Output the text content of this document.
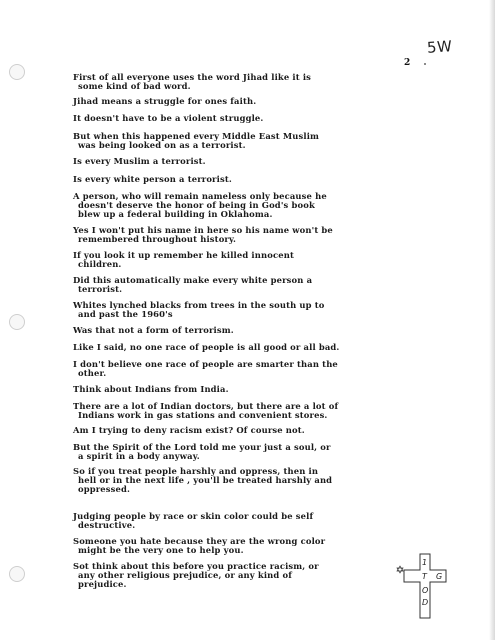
5W
2

First of all everyone uses the word Jihad like it is
some kind of bad word.

Jihad means a struggle for ones faith.

It doesn't have to be a violent struggle.

But when this happened every Middle East Muslim
was being looked on as a terrorist.

Is every Muslim a terrorist.

Is every white person a terrorist.

A person, who will remain nameless only because he
doesn't deserve the honor of being in God's book
blew up a federal building in Oklahoma.

Yes I won't put his name in here so his name won't be
remembered throughout history.

If you look it up remember he killed innocent
children.

Did this automatically make every white person a
terrorist.

Whites lynched blacks from trees in the south up to
and past the 1960's

Was that not a form of terrorism.

Like I said, no one race of people is all good or all bad.

I don't believe one race of people are smarter than the
other.

Think about Indians from India.

There are a lot of Indian doctors, but there are a lot of
Indians work in gas stations and convenient stores.

Am I trying to deny racism exist? Of course not.

But the Spirit of the Lord told me your just a soul, or
a spirit in a body anyway.

So if you treat people harshly and oppress, then in
hell or in the next life , you'll be treated harshly and
oppressed.

Judging people by race or skin color could be self
destructive.

Someone you hate because they are the wrong color
might be the very one to help you.

Sot think about this before you practice racism, or
any other religious prejudice, or any kind of
prejudice.

1
T G
O
D
